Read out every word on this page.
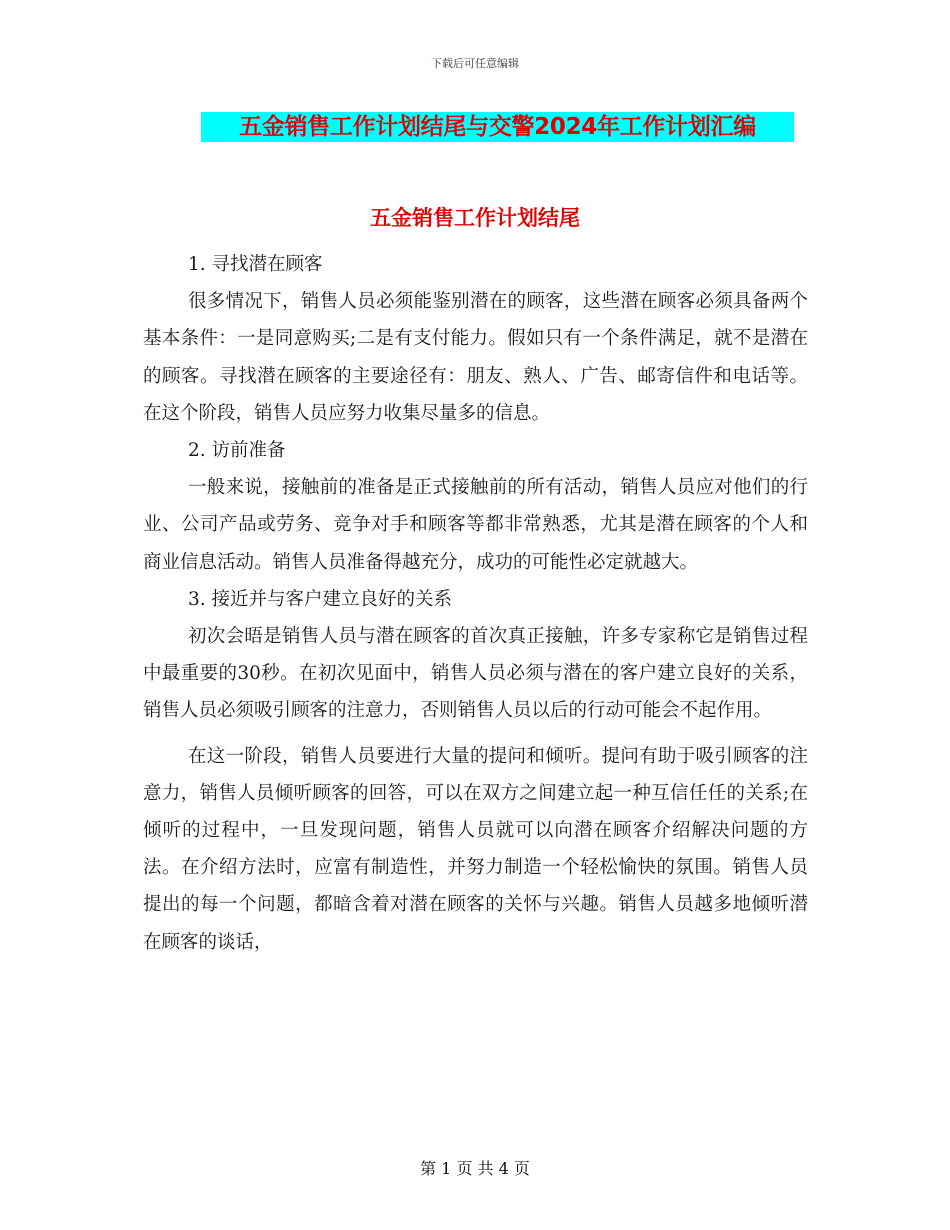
下载后可任意编辑
五金销售工作计划结尾与交警2024年工作计划汇编
五金销售工作计划结尾

1. 寻找潜在顾客

很多情况下，销售人员必须能鉴别潜在的顾客，这些潜在顾客必须具备两个基本条件：一是同意购买;二是有支付能力。假如只有一个条件满足，就不是潜在的顾客。寻找潜在顾客的主要途径有：朋友、熟人、广告、邮寄信件和电话等。在这个阶段，销售人员应努力收集尽量多的信息。

2. 访前准备

一般来说，接触前的准备是正式接触前的所有活动，销售人员应对他们的行业、公司产品或劳务、竞争对手和顾客等都非常熟悉，尤其是潜在顾客的个人和商业信息活动。销售人员准备得越充分，成功的可能性必定就越大。

3. 接近并与客户建立良好的关系

初次会晤是销售人员与潜在顾客的首次真正接触，许多专家称它是销售过程中最重要的30秒。在初次见面中，销售人员必须与潜在的客户建立良好的关系，销售人员必须吸引顾客的注意力，否则销售人员以后的行动可能会不起作用。

在这一阶段，销售人员要进行大量的提问和倾听。提问有助于吸引顾客的注意力，销售人员倾听顾客的回答，可以在双方之间建立起一种互信任任的关系;在倾听的过程中，一旦发现问题，销售人员就可以向潜在顾客介绍解决问题的方法。在介绍方法时，应富有制造性，并努力制造一个轻松愉快的氛围。销售人员提出的每一个问题，都暗含着对潜在顾客的关怀与兴趣。销售人员越多地倾听潜在顾客的谈话，

第 1 页 共 4 页
